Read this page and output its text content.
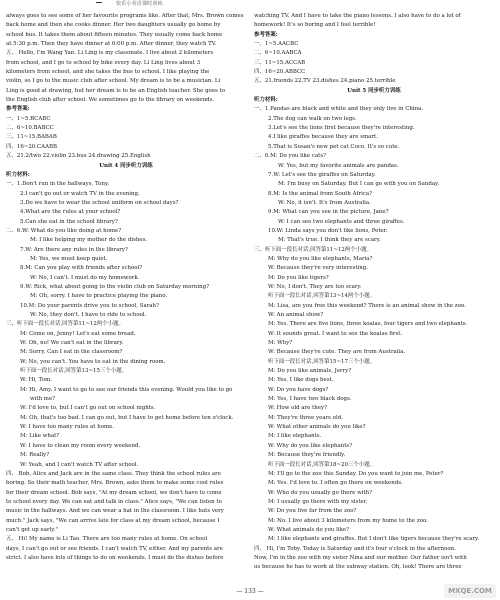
快乐小英语课时训练
always goes to see some of her favourite programs like. After that, Mrs. Brown comes
back home and then she cooks dinner. Her two daughters usually go home by
school bus. It takes them about fifteen minutes. They usually come back home
at 5:30 p.m. Then they have dinner at 6:00 p.m. After dinner, they watch TV.
五、 Hello, I'm Wang Yan. Li Ling is my classmate. I live about 2 kilometers
from school, and I go to school by bike every day. Li Ling lives about 3
kilometers from school, and she takes the bus to school. I like playing the
violin, so I go to the music club after school. My dream is to be a musician. Li
Ling is good at drawing, but her dream is to be an English teacher. She goes to
the English club after school. We sometimes go to the library on weekends.
参考答案:
一、1~5.BCABC
二、6~10.BABCC
三、11~15.BABAB
四、16~20.CAABB
五、21.2/two 22.violin 23.bus 24.drawing 25.English
Unit 4 同步听力训练
听力材料:
一、1.Don't run in the hallways, Tony.
2.I can't go out or watch TV in the evening.
3.Do we have to wear the school uniform on school days?
4.What are the rules at your school?
5.Can she eat in the school library?
二、6.W: What do you like doing at home?
M: I like helping my mother do the dishes.
7.W: Are there any rules in the library?
M: Yes, we must keep quiet.
8.M: Can you play with friends after school?
W: No, I can't. I must do my homework.
9.W: Rick, what about going to the violin club on Saturday morning?
M: Oh, sorry. I have to practice playing the piano.
10.M: Do your parents drive you to school, Sarah?
W: No, they don't. I have to ride to school.
三、听下面一段长对话,回答第11~12两个小题。
M: Come on, Jenny! Let's eat some bread.
W: Oh, no! We can't eat in the library.
M: Sorry. Can I eat in the classroom?
W: No, you can't. You have to eat in the dining room.
听下面一段长对话,回答第13~15三个小题。
W: Hi, Tom.
M: Hi, Amy. I want to go to see our friends this evening. Would you like to go
with me?
W: I'd love to, but I can't go out on school nights.
M: Oh, that's too bad. I can go out, but I have to get home before ten o'clock.
W: I have too many rules at home.
M: Like what?
W: I have to clean my room every weekend.
M: Really?
W: Yeah, and I can't watch TV after school.
四、 Bob, Alice and Jack are in the same class. They think the school rules are
boring. So their math teacher, Mrs. Brown, asks them to make some cool rules
for their dream school. Bob says, "At my dream school, we don't have to come
to school every day. We can eat and talk in class." Alice says, "We can listen to
music in the hallways. And we can wear a hat in the classroom. I like hats very
much." Jack says, "We can arrive late for class at my dream school, because I
can't get up early."
五、 Hi! My name is Li Tao. There are too many rules at home. On school
days, I can't go out or see friends. I can't watch TV, either. And my parents are
strict. I also have lots of things to do on weekends. I must do the dishes before
watching TV. And I have to take the piano lessons. I also have to do a lot of
homework! It's so boring and I feel terrible!
参考答案:
一、1~5.AACBC
二、6~10.AABCA
三、11~15.ACCAB
四、16~20.ABBCC
五、21.friends 22.TV 23.dishes 24.piano 25.terrible
Unit 5 同步听力训练
听力材料:
一、1.Pandas are black and white and they only live in China.
2.The dog can walk on two legs.
3.Let's see the lions first because they're interesting.
4.I like giraffes because they are smart.
5.That is Susan's new pet cat Coco. It's so cute.
二、6.M: Do you like cats?
W: Yes, but my favorite animals are pandas.
7.W: Let's see the giraffes on Saturday.
M: I'm busy on Saturday. But I can go with you on Sunday.
8.M: Is the animal from South Africa?
W: No, it isn't. It's from Australia.
9.M: What can you see in the picture, Jane?
W: I can see two elephants and three giraffes.
10.W: Linda says you don't like lions, Peter.
M: That's true. I think they are scary.
三、听下面一段长对话,回答第11~12两个小题。
M: Why do you like elephants, Maria?
W: Because they're very interesting.
M: Do you like tigers?
W: No, I don't. They are too scary.
听下面一段长对话,回答第13~14两个小题。
M: Lisa, are you free this weekend? There is an animal show in the zoo.
W: An animal show?
M: Yes. There are five lions, three koalas, four tigers and two elephants.
W: It sounds great. I want to see the koalas first.
M: Why?
W: Because they're cute. They are from Australia.
听下面一段长对话,回答第15~17三个小题。
M: Do you like animals, Jerry?
M: Yes, I like dogs best.
W: Do you have dogs?
M: Yes, I have two black dogs.
W: How old are they?
M: They're three years old.
W: What other animals do you like?
M: I like elephants.
W: Why do you like elephants?
M: Because they're friendly.
听下面一段长对话,回答第18~20三个小题。
M: I'll go to the zoo this Sunday. Do you want to join me, Peter?
M: Yes. I'd love to. I often go there on weekends.
W: Who do you usually go there with?
M: I usually go there with my sister.
W: Do you live far from the zoo?
M: No. I live about 3 kilometers from my home to the zoo.
W: What animals do you like?
M: I like elephants and giraffes. But I don't like tigers because they're scary.
四、 Hi, I'm Toby. Today is Saturday and it's four o'clock in the afternoon.
Now, I'm in the zoo with my sister Nina and our mother. Our father isn't with
us because he has to work at the subway station. Oh, look! There are three
— 133 —	MXQE.COM
